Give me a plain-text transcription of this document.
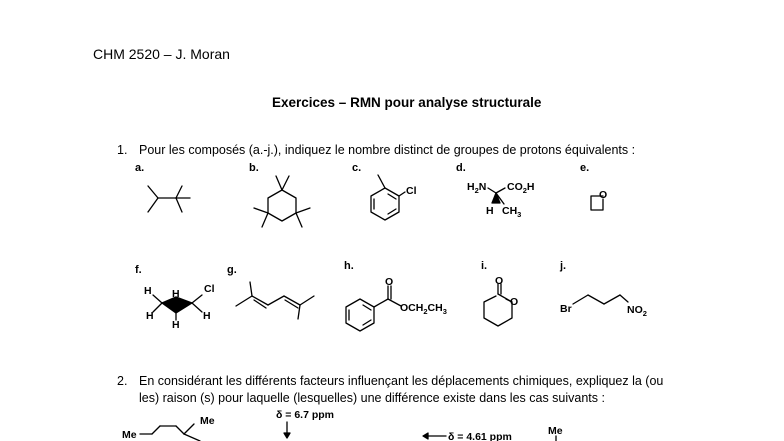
CHM 2520 – J. Moran
Exercices – RMN pour analyse structurale
1. Pour les composés (a.-j.), indiquez le nombre distinct de groupes de protons équivalents :
a.	b.	c.	d.	e.
f.	g.	h.	i.	j.
Cl	$H_2N$ $CO_2H$
H $CH_3$
O
H H Cl
H
H
H
O
$OCH_2CH_3$
O
O
Br	$NO_2$
Me
Me	δ = 6.7 ppm
δ = 4.61 ppm	Me
2. En considérant les différents facteurs influençant les déplacements chimiques, expliquez la (ou
les) raison (s) pour laquelle (lesquelles) une différence existe dans les cas suivants :
